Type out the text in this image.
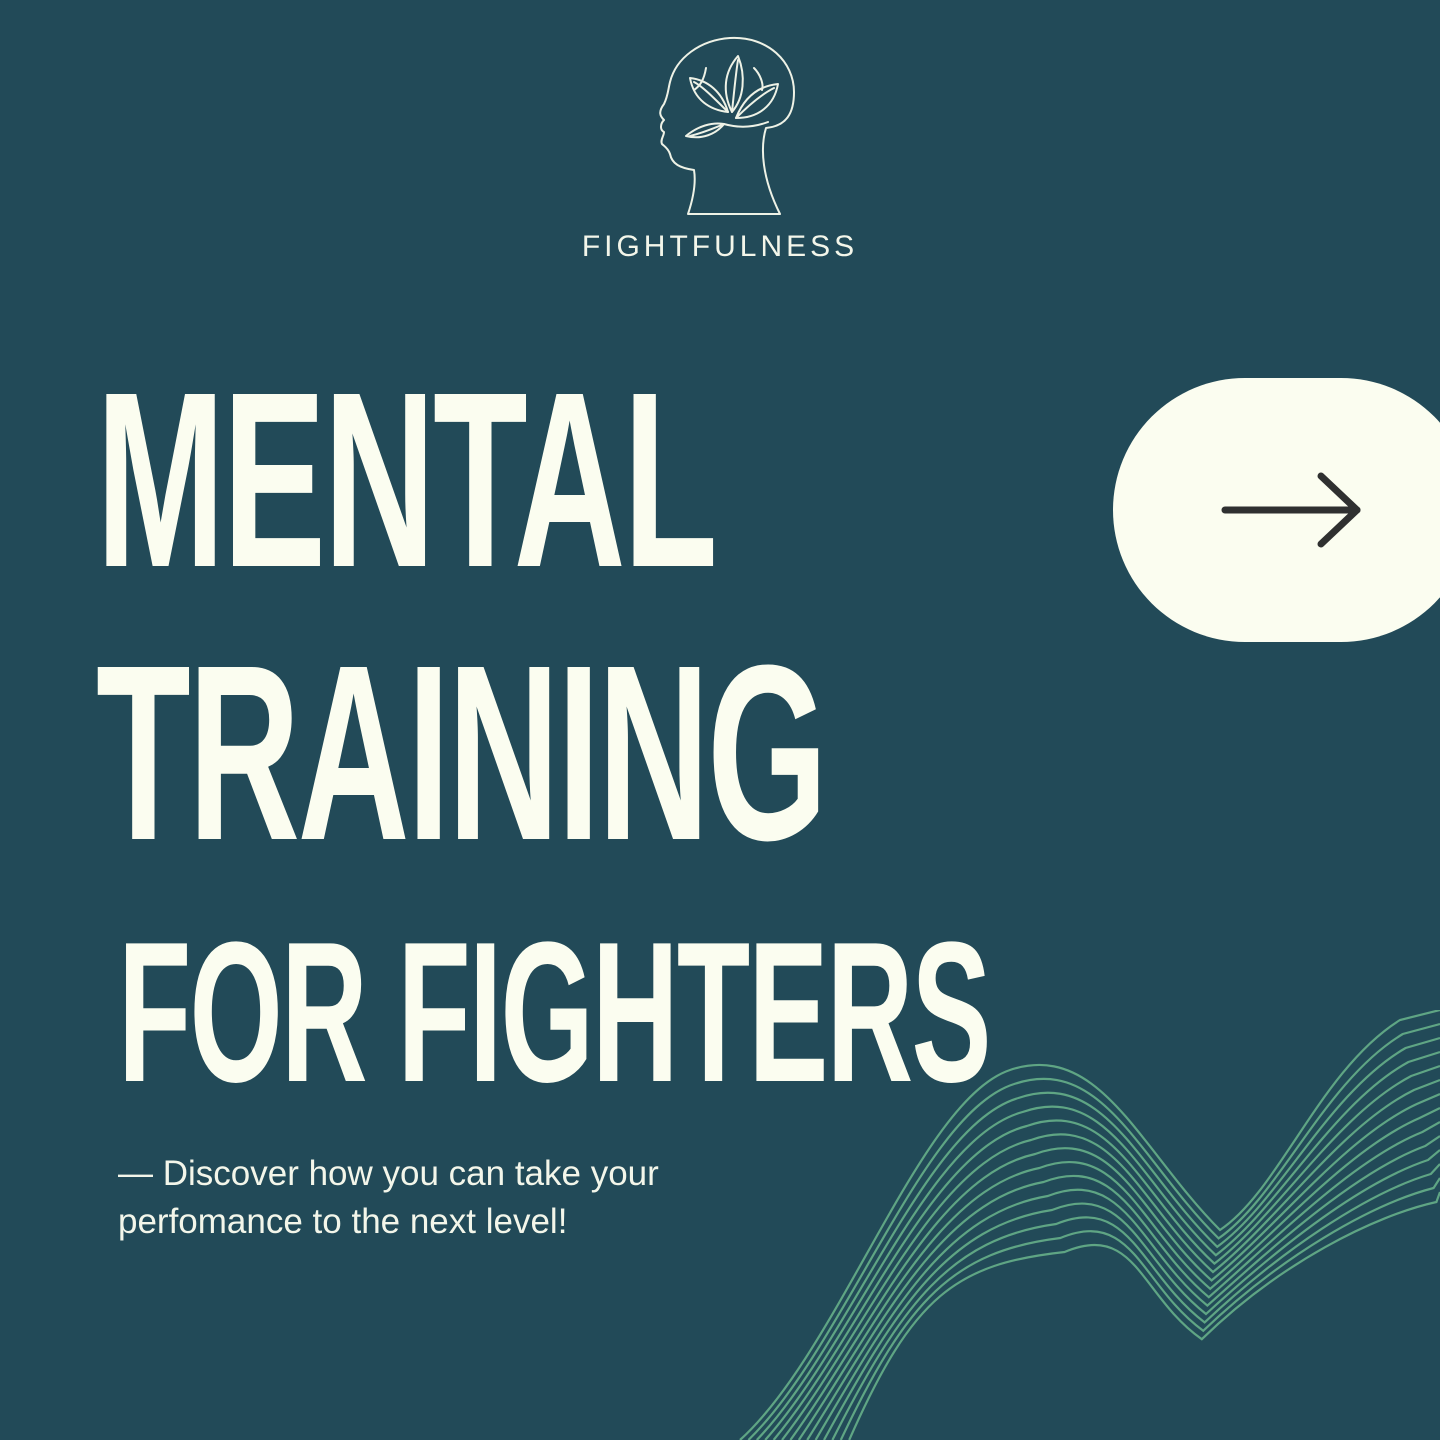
FIGHTFULNESS
MENTAL
TRAINING
FOR FIGHTERS
— Discover how you can take your
perfomance to the next level!
